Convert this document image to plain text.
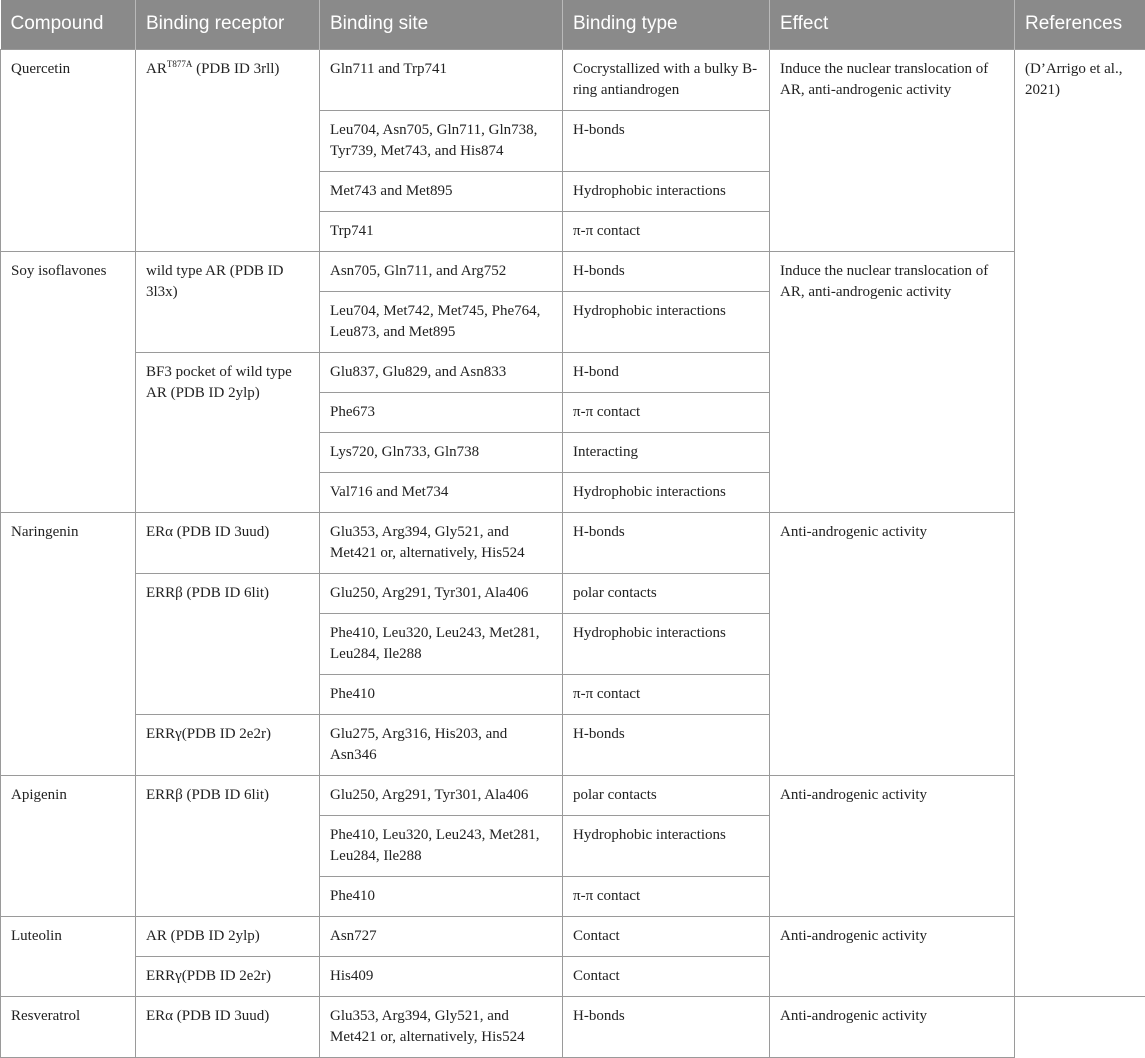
Compound	Binding receptor	Binding site	Binding type	Effect	References
Quercetin	$AR^{T877A}$ (PDB ID 3rll)	Gln711 and Trp741	Cocrystallized with a bulky B-ring antiandrogen	Induce the nuclear translocation of AR, anti-androgenic activity	(D’Arrigo et al., 2021)
		Leu704, Asn705, Gln711, Gln738, Tyr739, Met743, and His874	H-bonds		
		Met743 and Met895	Hydrophobic interactions		
		Trp741	π-π contact		
Soy isoflavones	wild type AR (PDB ID 3l3x)	Asn705, Gln711, and Arg752	H-bonds	Induce the nuclear translocation of AR, anti-androgenic activity	
		Leu704, Met742, Met745, Phe764, Leu873, and Met895	Hydrophobic interactions		
	BF3 pocket of wild type AR (PDB ID 2ylp)	Glu837, Glu829, and Asn833	H-bond		
		Phe673	π-π contact		
		Lys720, Gln733, Gln738	Interacting		
		Val716 and Met734	Hydrophobic interactions		
Naringenin	ERα (PDB ID 3uud)	Glu353, Arg394, Gly521, and Met421 or, alternatively, His524	H-bonds	Anti-androgenic activity	
	ERRβ (PDB ID 6lit)	Glu250, Arg291, Tyr301, Ala406	polar contacts		
		Phe410, Leu320, Leu243, Met281, Leu284, Ile288	Hydrophobic interactions		
		Phe410	π-π contact		
	ERRγ(PDB ID 2e2r)	Glu275, Arg316, His203, and Asn346	H-bonds		
Apigenin	ERRβ (PDB ID 6lit)	Glu250, Arg291, Tyr301, Ala406	polar contacts	Anti-androgenic activity	
		Phe410, Leu320, Leu243, Met281, Leu284, Ile288	Hydrophobic interactions		
		Phe410	π-π contact		
Luteolin	AR (PDB ID 2ylp)	Asn727	Contact	Anti-androgenic activity	
	ERRγ(PDB ID 2e2r)	His409	Contact		
Resveratrol	ERα (PDB ID 3uud)	Glu353, Arg394, Gly521, and Met421 or, alternatively, His524	H-bonds	Anti-androgenic activity	
